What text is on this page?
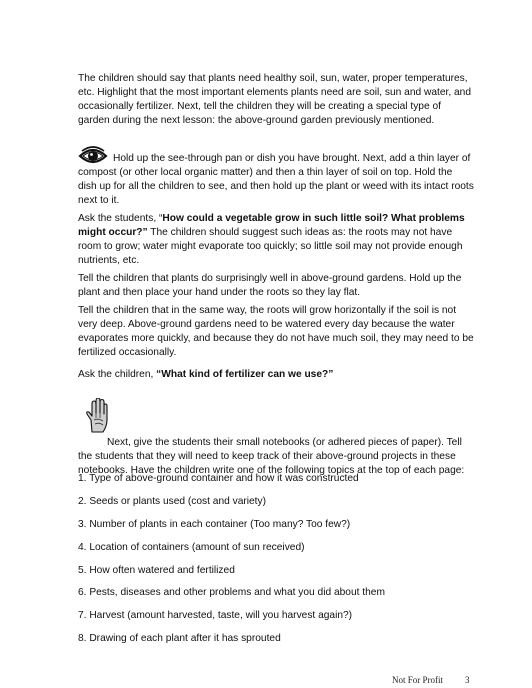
The children should say that plants need healthy soil, sun, water, proper temperatures,
etc. Highlight that the most important elements plants need are soil, sun and water, and
occasionally fertilizer. Next, tell the children they will be creating a special type of
garden during the next lesson: the above-ground garden previously mentioned.

Hold up the see-through pan or dish you have brought. Next, add a thin layer of
compost (or other local organic matter) and then a thin layer of soil on top. Hold the
dish up for all the children to see, and then hold up the plant or weed with its intact roots
next to it.

Ask the students, “How could a vegetable grow in such little soil? What problems
might occur?” The children should suggest such ideas as: the roots may not have
room to grow; water might evaporate too quickly; so little soil may not provide enough
nutrients, etc.

Tell the children that plants do surprisingly well in above-ground gardens. Hold up the
plant and then place your hand under the roots so they lay flat.

Tell the children that in the same way, the roots will grow horizontally if the soil is not
very deep. Above-ground gardens need to be watered every day because the water
evaporates more quickly, and because they do not have much soil, they may need to be
fertilized occasionally.

Ask the children, “What kind of fertilizer can we use?”

Next, give the students their small notebooks (or adhered pieces of paper). Tell
the students that they will need to keep track of their above-ground projects in these
notebooks. Have the children write one of the following topics at the top of each page:

1. Type of above-ground container and how it was constructed
2. Seeds or plants used (cost and variety)
3. Number of plants in each container (Too many? Too few?)
4. Location of containers (amount of sun received)
5. How often watered and fertilized
6. Pests, diseases and other problems and what you did about them
7. Harvest (amount harvested, taste, will you harvest again?)
8. Drawing of each plant after it has sprouted
Not For Profit 3
